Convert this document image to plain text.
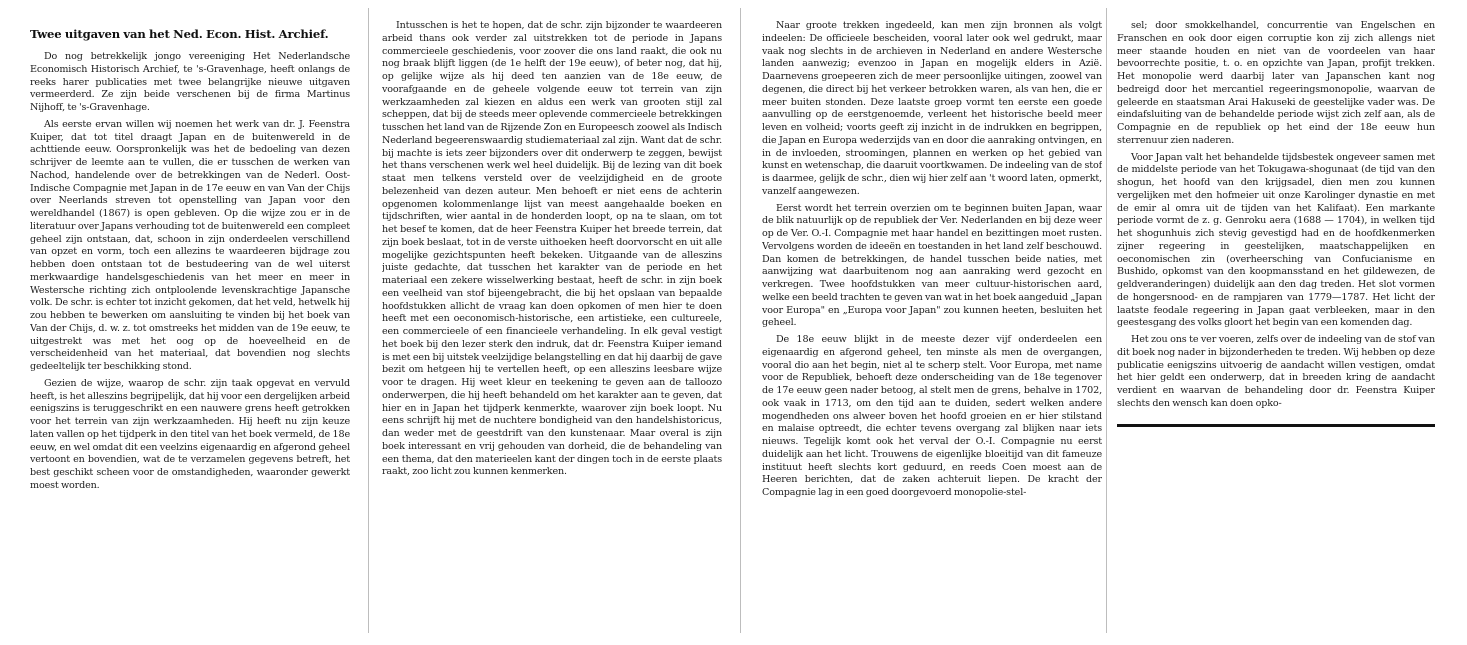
Twee uitgaven van het Ned. Econ. Hist. Archief.

Do nog betrekkelijk jongo vereeniging Het Nederlandsche Economisch Historisch Archief, te 's-Gravenhage, heeft onlangs de reeks harer publicaties met twee belangrijke nieuwe uitgaven vermeerderd. Ze zijn beide verschenen bij de firma Martinus Nijhoff, te 's-Gravenhage.

Als eerste ervan willen wij noemen het werk van dr. J. Feenstra Kuiper, dat tot titel draagt Japan en de buitenwereld in de achttiende eeuw. Oorspronkelijk was het de bedoeling van dezen schrijver de leemte aan te vullen, die er tusschen de werken van Nachod, handelende over de betrekkingen van de Nederl. Oost-Indische Compagnie met Japan in de 17e eeuw en van Van der Chijs over Neerlands streven tot openstelling van Japan voor den wereldhandel (1867) is open gebleven. Op die wijze zou er in de literatuur over Japans verhouding tot de buitenwereld een compleet geheel zijn ontstaan, dat, schoon in zijn onderdeelen verschillend van opzet en vorm, toch een allezins te waardeeren bijdrage zou hebben doen ontstaan tot de bestudeering van de wel uiterst merkwaardige handelsgeschiedenis van het meer en meer in Westersche richting zich ontploolende levenskrachtige Japansche volk. De schr. is echter tot inzicht gekomen, dat het veld, hetwelk hij zou hebben te bewerken om aansluiting te vinden bij het boek van Van der Chijs, d. w. z. tot omstreeks het midden van de 19e eeuw, te uitgestrekt was met het oog op de hoeveelheid en de verscheidenheid van het materiaal, dat bovendien nog slechts gedeeltelijk ter beschikking stond.

Gezien de wijze, waarop de schr. zijn taak opgevat en vervuld heeft, is het alleszins begrijpelijk, dat hij voor een dergelijken arbeid eenigszins is teruggeschrikt en een nauwere grens heeft getrokken voor het terrein van zijn werkzaamheden. Hij heeft nu zijn keuze laten vallen op het tijdperk in den titel van het boek vermeld, de 18e eeuw, en wel omdat dit een veelzins eigenaardig en afgerond geheel vertoont en bovendien, wat de te verzamelen gegevens betreft, het best geschikt scheen voor de omstandigheden, waaronder gewerkt moest worden.

Intusschen is het te hopen, dat de schr. zijn bijzonder te waardeeren arbeid thans ook verder zal uitstrekken tot de periode in Japans commercieele geschiedenis, voor zoover die ons land raakt, die ook nu nog braak blijft liggen (de 1e helft der 19e eeuw), of beter nog, dat hij, op gelijke wijze als hij deed ten aanzien van de 18e eeuw, de voorafgaande en de geheele volgende eeuw tot terrein van zijn werkzaamheden zal kiezen en aldus een werk van grooten stijl zal scheppen, dat bij de steeds meer oplevende commercieele betrekkingen tusschen het land van de Rijzende Zon en Europeesch zoowel als Indisch Nederland begeerenswaardig studiemateriaal zal zijn. Want dat de schr. bij machte is iets zeer bijzonders over dit onderwerp te zeggen, bewijst het thans verschenen werk wel heel duidelijk. Bij de lezing van dit boek staat men telkens versteld over de veelzijdigheid en de groote belezenheid van dezen auteur. Men behoeft er niet eens de achterin opgenomen kolommenlange lijst van meest aangehaalde boeken en tijdschriften, wier aantal in de honderden loopt, op na te slaan, om tot het besef te komen, dat de heer Feenstra Kuiper het breede terrein, dat zijn boek beslaat, tot in de verste uithoeken heeft doorvorscht en uit alle mogelijke gezichtspunten heeft bekeken. Uitgaande van de alleszins juiste gedachte, dat tusschen het karakter van de periode en het materiaal een zekere wisselwerking bestaat, heeft de schr. in zijn boek een veelheid van stof bijeengebracht, die bij het opslaan van bepaalde hoofdstukken allicht de vraag kan doen opkomen of men hier te doen heeft met een oeconomisch-historische, een artistieke, een cultureele, een commercieele of een financieele verhandeling. In elk geval vestigt het boek bij den lezer sterk den indruk, dat dr. Feenstra Kuiper iemand is met een bij uitstek veelzijdige belangstelling en dat hij daarbij de gave bezit om hetgeen hij te vertellen heeft, op een alleszins leesbare wijze voor te dragen. Hij weet kleur en teekening te geven aan de talloozo onderwerpen, die hij heeft behandeld om het karakter aan te geven, dat hier en in Japan het tijdperk kenmerkte, waarover zijn boek loopt. Nu eens schrijft hij met de nuchtere bondigheid van den handelshistoricus, dan weder met de geestdrift van den kunstenaar. Maar overal is zijn boek interessant en vrij gehouden van dorheid, die de behandeling van een thema, dat den materieelen kant der dingen toch in de eerste plaats raakt, zoo licht zou kunnen kenmerken.

Naar groote trekken ingedeeld, kan men zijn bronnen als volgt indeelen: De officieele bescheiden, vooral later ook wel gedrukt, maar vaak nog slechts in de archieven in Nederland en andere Westersche landen aanwezig; evenzoo in Japan en mogelijk elders in Azië. Daarnevens groepeeren zich de meer persoonlijke uitingen, zoowel van degenen, die direct bij het verkeer betrokken waren, als van hen, die er meer buiten stonden. Deze laatste groep vormt ten eerste een goede aanvulling op de eerstgenoemde, verleent het historische beeld meer leven en volheid; voorts geeft zij inzicht in de indrukken en begrippen, die Japan en Europa wederzijds van en door die aanraking ontvingen, en in de invloeden, stroomingen, plannen en werken op het gebied van kunst en wetenschap, die daaruit voortkwamen. De indeeling van de stof is daarmee, gelijk de schr., dien wij hier zelf aan 't woord laten, opmerkt, vanzelf aangewezen.

Eerst wordt het terrein overzien om te beginnen buiten Japan, waar de blik natuurlijk op de republiek der Ver. Nederlanden en bij deze weer op de Ver. O.-I. Compagnie met haar handel en bezittingen moet rusten. Vervolgens worden de ideeën en toestanden in het land zelf beschouwd. Dan komen de betrekkingen, de handel tusschen beide naties, met aanwijzing wat daarbuitenom nog aan aanraking werd gezocht en verkregen. Twee hoofdstukken van meer cultuur-historischen aard, welke een beeld trachten te geven van wat in het boek aangeduid „Japan voor Europa" en „Europa voor Japan" zou kunnen heeten, besluiten het geheel.

De 18e eeuw blijkt in de meeste dezer vijf onderdeelen een eigenaardig en afgerond geheel, ten minste als men de overgangen, vooral dio aan het begin, niet al te scherp stelt. Voor Europa, met name voor de Republiek, behoeft deze onderscheiding van de 18e tegenover de 17e eeuw geen nader betoog, al stelt men de grens, behalve in 1702, ook vaak in 1713, om den tijd aan te duiden, sedert welken andere mogendheden ons alweer boven het hoofd groeien en er hier stilstand en malaise optreedt, die echter tevens overgang zal blijken naar iets nieuws. Tegelijk komt ook het verval der O.-I. Compagnie nu eerst duidelijk aan het licht. Trouwens de eigenlijke bloeitijd van dit fameuze instituut heeft slechts kort geduurd, en reeds Coen moest aan de Heeren berichten, dat de zaken achteruit liepen. De kracht der Compagnie lag in een goed doorgevoerd monopolie-stel-

sel; door smokkelhandel, concurrentie van Engelschen en Franschen en ook door eigen corruptie kon zij zich allengs niet meer staande houden en niet van de voordeelen van haar bevoorrechte positie, t. o. en opzichte van Japan, profijt trekken. Het monopolie werd daarbij later van Japanschen kant nog bedreigd door het mercantiel regeeringsmonopolie, waarvan de geleerde en staatsman Arai Hakuseki de geestelijke vader was. De eindafsluiting van de behandelde periode wijst zich zelf aan, als de Compagnie en de republiek op het eind der 18e eeuw hun sterrenuur zien naderen.

Voor Japan valt het behandelde tijdsbestek ongeveer samen met de middelste periode van het Tokugawa-shogunaat (de tijd van den shogun, het hoofd van den krijgsadel, dien men zou kunnen vergelijken met den hofmeier uit onze Karolinger dynastie en met de emir al omra uit de tijden van het Kalifaat). Een markante periode vormt de z. g. Genroku aera (1688 — 1704), in welken tijd het shogunhuis zich stevig gevestigd had en de hoofdkenmerken zijner regeering in geestelijken, maatschappelijken en oeconomischen zin (overheersching van Confucianisme en Bushido, opkomst van den koopmansstand en het gildewezen, de geldveranderingen) duidelijk aan den dag treden. Het slot vormen de hongersnood- en de rampjaren van 1779—1787. Het licht der laatste feodale regeering in Japan gaat verbleeken, maar in den geestesgang des volks gloort het begin van een komenden dag.

Het zou ons te ver voeren, zelfs over de indeeling van de stof van dit boek nog nader in bijzonderheden te treden. Wij hebben op deze publicatie eenigszins uitvoerig de aandacht willen vestigen, omdat het hier geldt een onderwerp, dat in breeden kring de aandacht verdient en waarvan de behandeling door dr. Feenstra Kuiper slechts den wensch kan doen opko-
